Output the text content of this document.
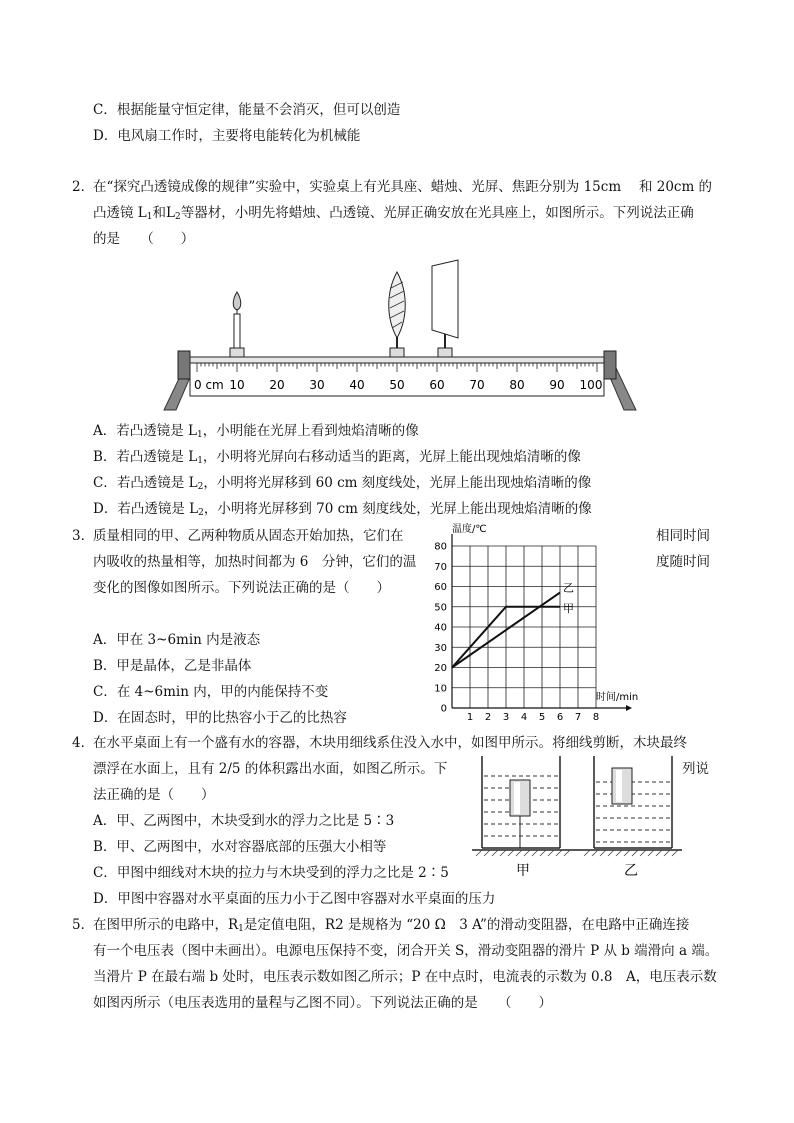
C．根据能量守恒定律，能量不会消灭，但可以创造
D．电风扇工作时，主要将电能转化为机械能
2．
在“探究凸透镜成像的规律”实验中，实验桌上有光具座、蜡烛、光屏、焦距分别为 15cm　 和 20cm 的
凸透镜 $L_1$和$L_2$等器材，小明先将蜡烛、凸透镜、光屏正确安放在光具座上，如图所示。下列说法正确
的是　　（　　）
0 cm 10 20 30 40 50 60 70 80 90 100
A．若凸透镜是 $L_1$，小明能在光屏上看到烛焰清晰的像
B．若凸透镜是 $L_1$，小明将光屏向右移动适当的距离，光屏上能出现烛焰清晰的像
C．若凸透镜是 $L_2$，小明将光屏移到 60 cm 刻度线处，光屏上能出现烛焰清晰的像
D．若凸透镜是 $L_2$，小明将光屏移到 70 cm 刻度线处，光屏上能出现烛焰清晰的像
3．
质量相同的甲、乙两种物质从固态开始加热，它们在	相同时间
内吸收的热量相等，加热时间都为 6　分钟，它们的温	度随时间
变化的图像如图所示。下列说法正确的是（　　）
A．甲在 3~6min 内是液态
B．甲是晶体，乙是非晶体
C．在 4~6min 内，甲的内能保持不变
D．在固态时，甲的比热容小于乙的比热容
0
10
20
30
40
50
60
70
80
1 2 3 4 5 6 7 8
甲
乙
温度/℃
时间/min
4．
在水平桌面上有一个盛有水的容器，木块用细线系住没入水中，如图甲所示。将细线剪断，木块最终
漂浮在水面上，且有 2/5 的体积露出水面，如图乙所示。下	列说
法正确的是（　　）
A．甲、乙两图中，木块受到水的浮力之比是 5∶3
B．甲、乙两图中，水对容器底部的压强大小相等
C．甲图中细线对木块的拉力与木块受到的浮力之比是 2∶5
D．甲图中容器对水平桌面的压力小于乙图中容器对水平桌面的压力
甲	乙
5．
在图甲所示的电路中，$R_1$是定值电阻，R2 是规格为 “20 Ω　3 A”的滑动变阻器，在电路中正确连接
有一个电压表（图中未画出）。电源电压保持不变，闭合开关 S，滑动变阻器的滑片 P 从 b 端滑向 a 端。
当滑片 P 在最右端 b 处时，电压表示数如图乙所示；P 在中点时，电流表的示数为 0.8　A，电压表示数
如图丙所示（电压表选用的量程与乙图不同）。下列说法正确的是　　（　　）
